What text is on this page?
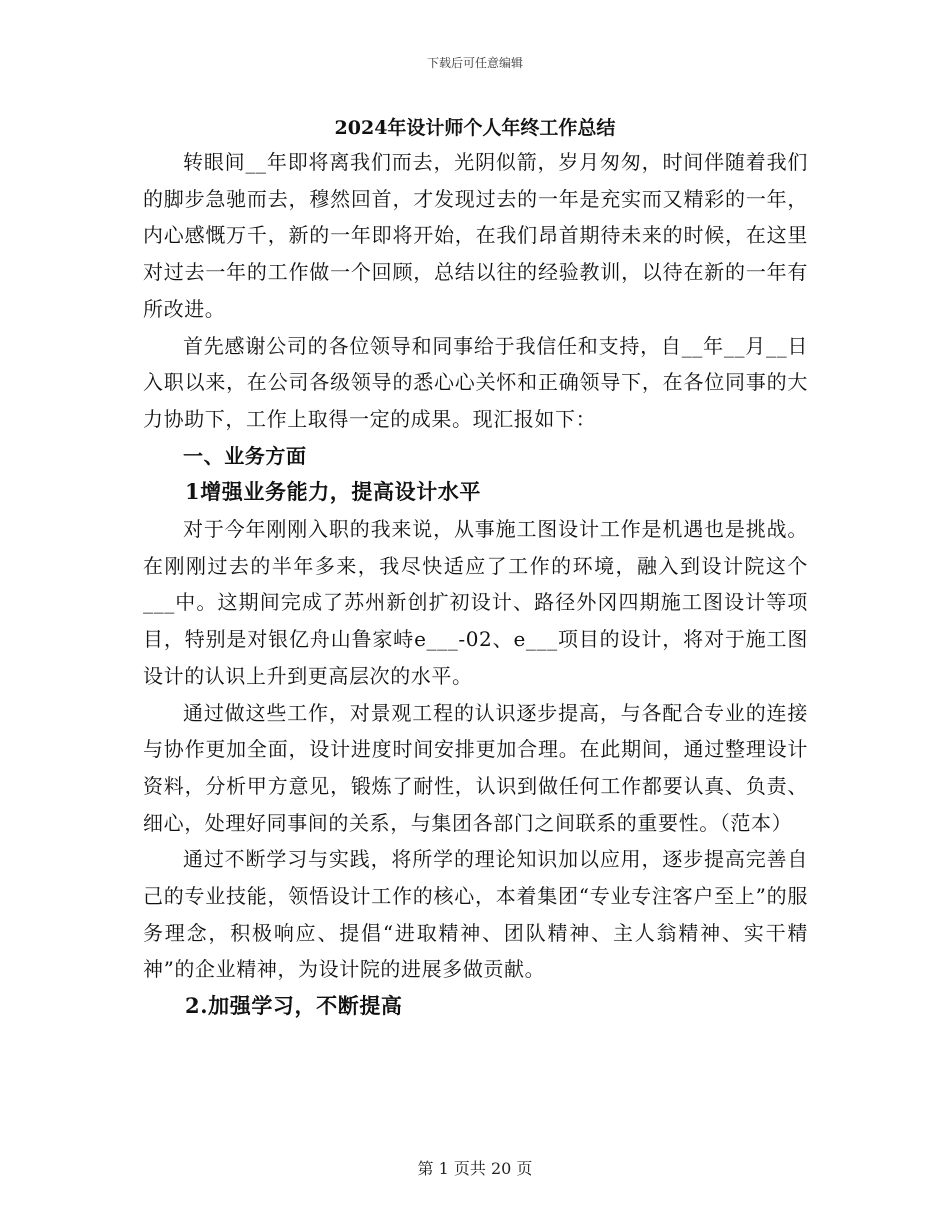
下载后可任意编辑
2024年设计师个人年终工作总结

转眼间__年即将离我们而去，光阴似箭，岁月匆匆，时间伴随着我们的脚步急驰而去，穆然回首，才发现过去的一年是充实而又精彩的一年，内心感慨万千，新的一年即将开始，在我们昂首期待未来的时候，在这里对过去一年的工作做一个回顾，总结以往的经验教训，以待在新的一年有所改进。

首先感谢公司的各位领导和同事给于我信任和支持，自__年__月__日入职以来，在公司各级领导的悉心心关怀和正确领导下，在各位同事的大力协助下，工作上取得一定的成果。现汇报如下：

一、业务方面

1增强业务能力，提高设计水平

对于今年刚刚入职的我来说，从事施工图设计工作是机遇也是挑战。在刚刚过去的半年多来，我尽快适应了工作的环境，融入到设计院这个___中。这期间完成了苏州新创扩初设计、路径外冈四期施工图设计等项目，特别是对银亿舟山鲁家峙e___-02、e___项目的设计，将对于施工图设计的认识上升到更高层次的水平。

通过做这些工作，对景观工程的认识逐步提高，与各配合专业的连接与协作更加全面，设计进度时间安排更加合理。在此期间，通过整理设计资料，分析甲方意见，锻炼了耐性，认识到做任何工作都要认真、负责、细心，处理好同事间的关系，与集团各部门之间联系的重要性。（范本）

通过不断学习与实践，将所学的理论知识加以应用，逐步提高完善自己的专业技能，领悟设计工作的核心，本着集团“专业专注客户至上”的服务理念，积极响应、提倡“进取精神、团队精神、主人翁精神、实干精神”的企业精神，为设计院的进展多做贡献。

2.加强学习，不断提高

第 1 页共 20 页
